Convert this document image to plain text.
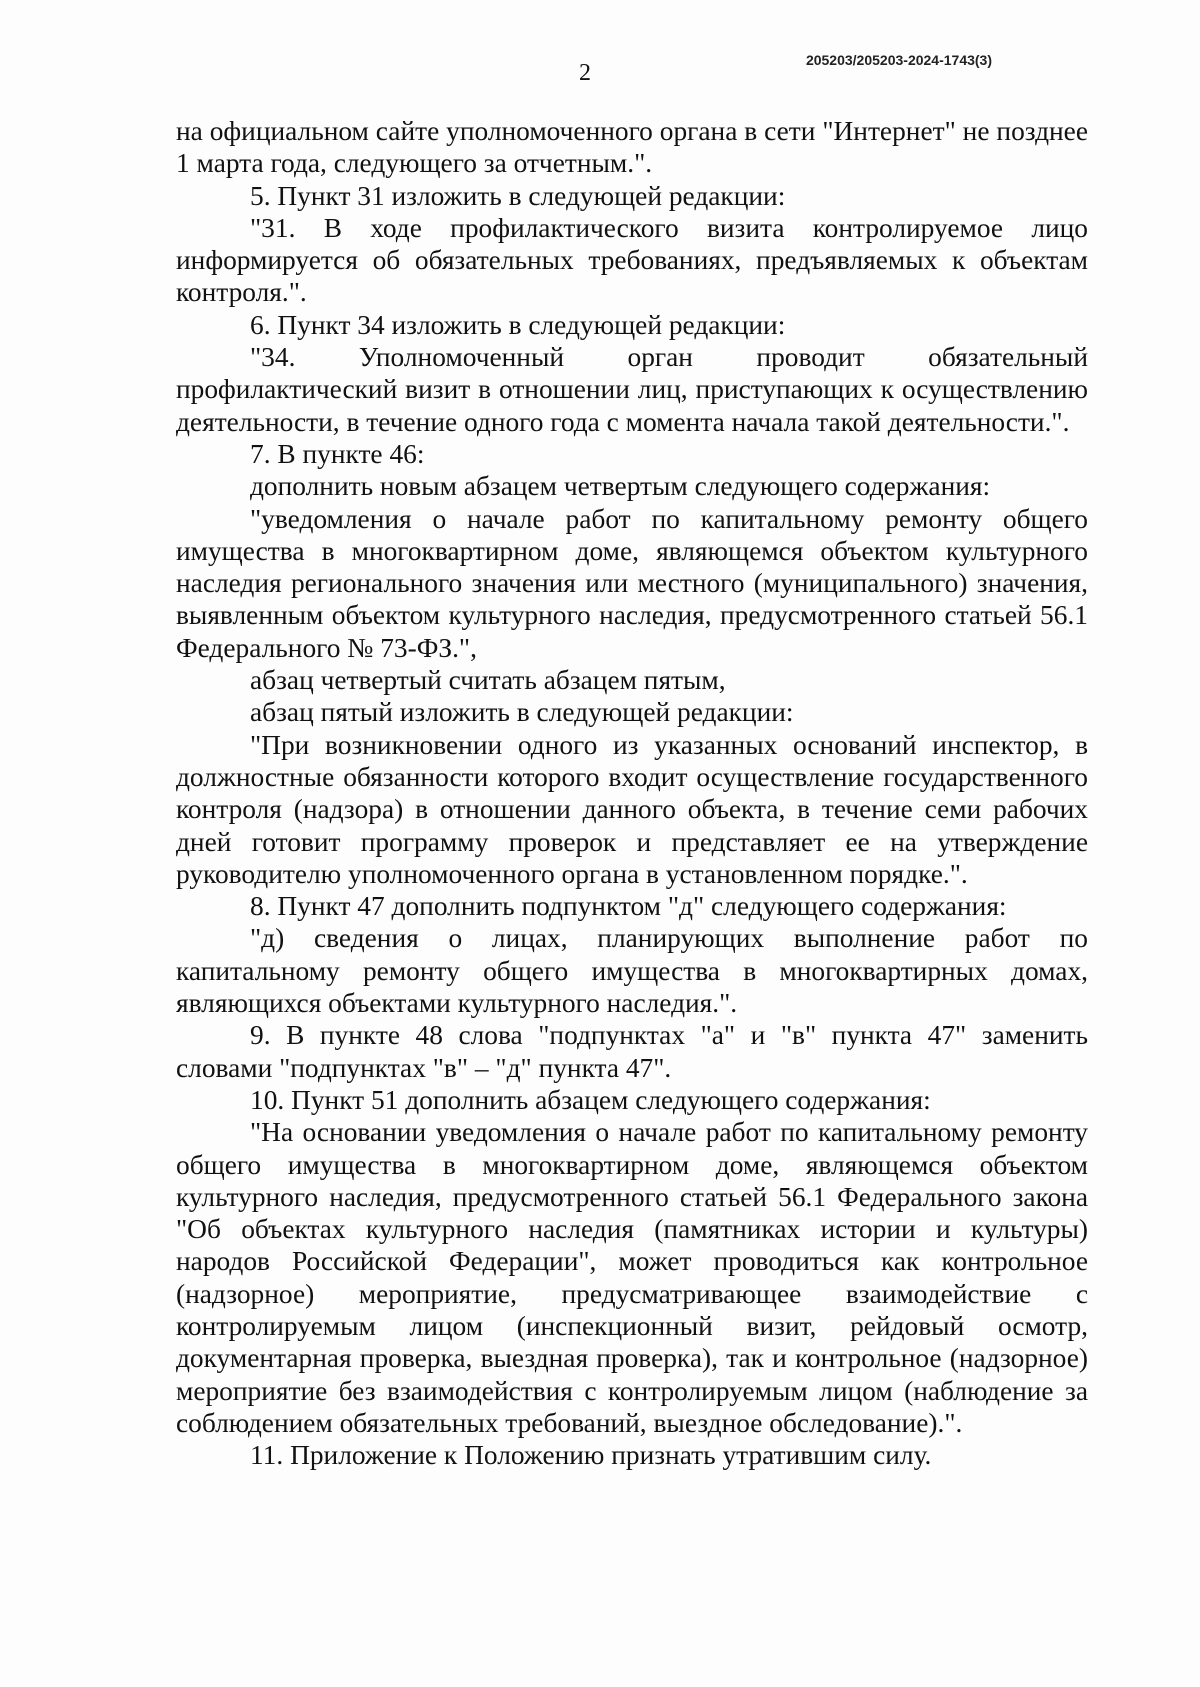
205203/205203-2024-1743(3)
2

на официальном сайте уполномоченного органа в сети "Интернет" не позднее 1 марта года, следующего за отчетным.".

5. Пункт 31 изложить в следующей редакции:

"31. В ходе профилактического визита контролируемое лицо информируется об обязательных требованиях, предъявляемых к объектам контроля.".

6. Пункт 34 изложить в следующей редакции:

"34. Уполномоченный орган проводит обязательный профилактический визит в отношении лиц, приступающих к осуществлению деятельности, в течение одного года с момента начала такой деятельности.".

7. В пункте 46:

дополнить новым абзацем четвертым следующего содержания:

"уведомления о начале работ по капитальному ремонту общего имущества в многоквартирном доме, являющемся объектом культурного наследия регионального значения или местного (муниципального) значения, выявленным объектом культурного наследия, предусмотренного статьей 56.1 Федерального № 73-ФЗ.",

абзац четвертый считать абзацем пятым,

абзац пятый изложить в следующей редакции:

"При возникновении одного из указанных оснований инспектор, в должностные обязанности которого входит осуществление государственного контроля (надзора) в отношении данного объекта, в течение семи рабочих дней готовит программу проверок и представляет ее на утверждение руководителю уполномоченного органа в установленном порядке.".

8. Пункт 47 дополнить подпунктом "д" следующего содержания:

"д) сведения о лицах, планирующих выполнение работ по капитальному ремонту общего имущества в многоквартирных домах, являющихся объектами культурного наследия.".

9. В пункте 48 слова "подпунктах "а" и "в" пункта 47" заменить словами "подпунктах "в" – "д" пункта 47".

10. Пункт 51 дополнить абзацем следующего содержания:

"На основании уведомления о начале работ по капитальному ремонту общего имущества в многоквартирном доме, являющемся объектом культурного наследия, предусмотренного статьей 56.1 Федерального закона "Об объектах культурного наследия (памятниках истории и культуры) народов Российской Федерации", может проводиться как контрольное (надзорное) мероприятие, предусматривающее взаимодействие с контролируемым лицом (инспекционный визит, рейдовый осмотр, документарная проверка, выездная проверка), так и контрольное (надзорное) мероприятие без взаимодействия с контролируемым лицом (наблюдение за соблюдением обязательных требований, выездное обследование).".

11. Приложение к Положению признать утратившим силу.
